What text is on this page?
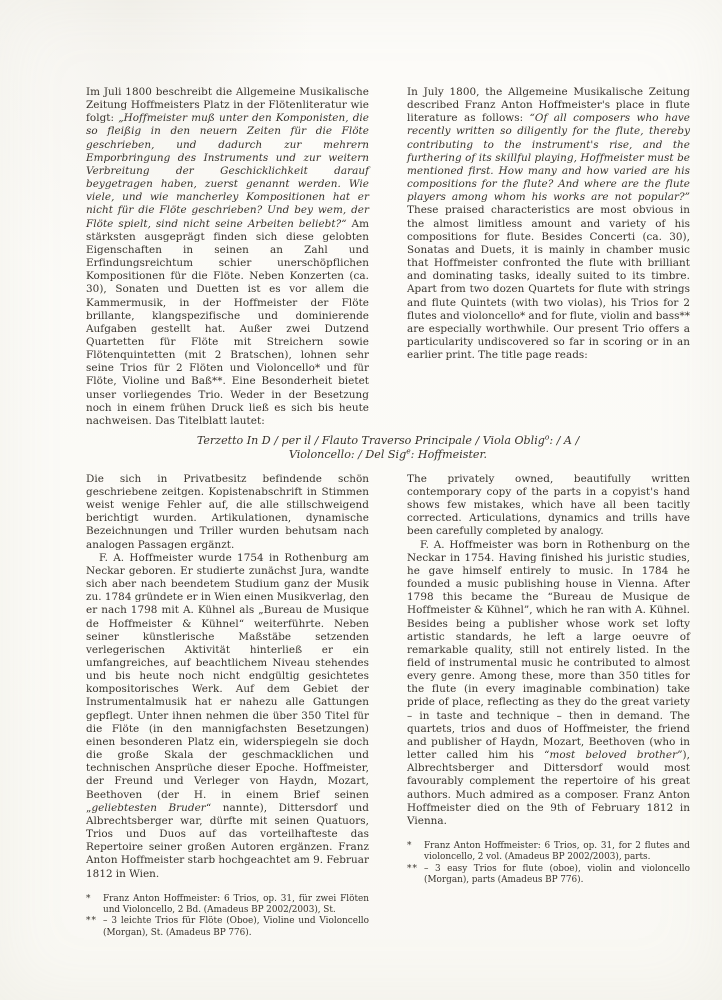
Im Juli 1800 beschreibt die Allgemeine Musikalische Zeitung Hoffmeisters Platz in der Flötenliteratur wie folgt: „Hoffmeister muß unter den Komponisten, die so fleißig in den neuern Zeiten für die Flöte geschrieben, und dadurch zur mehrern Emporbringung des Instruments und zur weitern Verbreitung der Geschicklichkeit darauf beygetragen haben, zuerst genannt werden. Wie viele, und wie mancherley Kompositionen hat er nicht für die Flöte geschrieben? Und bey wem, der Flöte spielt, sind nicht seine Arbeiten beliebt?“ Am stärksten ausgeprägt finden sich diese gelobten Eigenschaften in seinen an Zahl und Erfindungsreichtum schier unerschöpflichen Kompositionen für die Flöte. Neben Konzerten (ca. 30), Sonaten und Duetten ist es vor allem die Kammermusik, in der Hoffmeister der Flöte brillante, klangspezifische und dominierende Aufgaben gestellt hat. Außer zwei Dutzend Quartetten für Flöte mit Streichern sowie Flötenquintetten (mit 2 Bratschen), lohnen sehr seine Trios für 2 Flöten und Violoncello* und für Flöte, Violine und Baß**. Eine Besonderheit bietet unser vorliegendes Trio. Weder in der Besetzung noch in einem frühen Druck ließ es sich bis heute nachweisen. Das Titelblatt lautet:

In July 1800, the Allgemeine Musikalische Zeitung described Franz Anton Hoffmeister's place in flute literature as follows: “Of all composers who have recently written so diligently for the flute, thereby contributing to the instrument's rise, and the furthering of its skillful playing, Hoffmeister must be mentioned first. How many and how varied are his compositions for the flute? And where are the flute players among whom his works are not popular?” These praised characteristics are most obvious in the almost limitless amount and variety of his compositions for flute. Besides Concerti (ca. 30), Sonatas and Duets, it is mainly in chamber music that Hoffmeister confronted the flute with brilliant and dominating tasks, ideally suited to its timbre. Apart from two dozen Quartets for flute with strings and flute Quintets (with two violas), his Trios for 2 flutes and violoncello* and for flute, violin and bass** are especially worthwhile. Our present Trio offers a particularity undiscovered so far in scoring or in an earlier print. The title page reads:

Terzetto In D / per il / Flauto Traverso Principale / Viola Oblig$^o$: / A /
Violoncello: / Del Sig$^e$: Hoffmeister.

Die sich in Privatbesitz befindende schön geschriebene zeitgen. Kopistenabschrift in Stimmen weist wenige Fehler auf, die alle stillschweigend berichtigt wurden. Artikulationen, dynamische Bezeichnungen und Triller wurden behutsam nach analogen Passagen ergänzt.

F. A. Hoffmeister wurde 1754 in Rothenburg am Neckar geboren. Er studierte zunächst Jura, wandte sich aber nach beendetem Studium ganz der Musik zu. 1784 gründete er in Wien einen Musikverlag, den er nach 1798 mit A. Kühnel als „Bureau de Musique de Hoffmeister & Kühnel“ weiterführte. Neben seiner künstlerische Maßstäbe setzenden verlegerischen Aktivität hinterließ er ein umfangreiches, auf beachtlichem Niveau stehendes und bis heute noch nicht endgültig gesichtetes kompositorisches Werk. Auf dem Gebiet der Instrumentalmusik hat er nahezu alle Gattungen gepflegt. Unter ihnen nehmen die über 350 Titel für die Flöte (in den mannigfachsten Besetzungen) einen besonderen Platz ein, widerspiegeln sie doch die große Skala der geschmacklichen und technischen Ansprüche dieser Epoche. Hoffmeister, der Freund und Verleger von Haydn, Mozart, Beethoven (der H. in einem Brief seinen „geliebtesten Bruder“ nannte), Dittersdorf und Albrechtsberger war, dürfte mit seinen Quatuors, Trios und Duos auf das vorteilhafteste das Repertoire seiner großen Autoren ergänzen. Franz Anton Hoffmeister starb hochgeachtet am 9. Februar 1812 in Wien.

*	Franz Anton Hoffmeister: 6 Trios, op. 31, für zwei Flöten und Violoncello, 2 Bd. (Amadeus BP 2002/2003), St.
** – 3 leichte Trios für Flöte (Oboe), Violine und Violoncello (Morgan), St. (Amadeus BP 776).

The privately owned, beautifully written contemporary copy of the parts in a copyist's hand shows few mistakes, which have all been tacitly corrected. Articulations, dynamics and trills have been carefully completed by analogy.

F. A. Hoffmeister was born in Rothenburg on the Neckar in 1754. Having finished his juristic studies, he gave himself entirely to music. In 1784 he founded a music publishing house in Vienna. After 1798 this became the “Bureau de Musique de Hoffmeister & Kühnel”, which he ran with A. Kühnel. Besides being a publisher whose work set lofty artistic standards, he left a large oeuvre of remarkable quality, still not entirely listed. In the field of instrumental music he contributed to almost every genre. Among these, more than 350 titles for the flute (in every imaginable combination) take pride of place, reflecting as they do the great variety – in taste and technique – then in demand. The quartets, trios and duos of Hoffmeister, the friend and publisher of Haydn, Mozart, Beethoven (who in letter called him his “most beloved brother”), Albrechtsberger and Dittersdorf would most favourably complement the repertoire of his great authors. Much admired as a composer. Franz Anton Hoffmeister died on the 9th of February 1812 in Vienna.

*	Franz Anton Hoffmeister: 6 Trios, op. 31, for 2 flutes and violoncello, 2 vol. (Amadeus BP 2002/2003), parts.
** – 3 easy Trios for flute (oboe), violin and violoncello (Morgan), parts (Amadeus BP 776).
